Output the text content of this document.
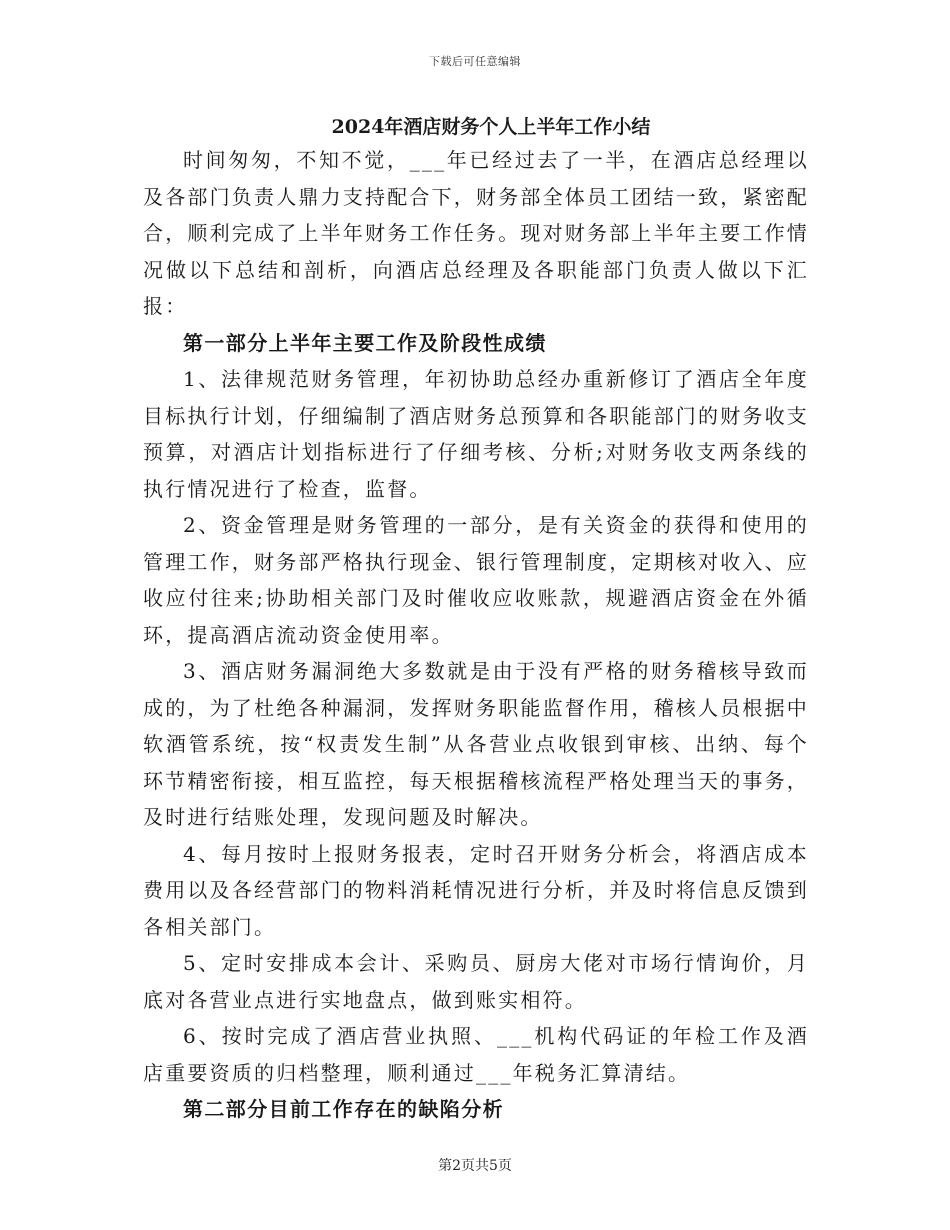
下载后可任意编辑
2024年酒店财务个人上半年工作小结

时间匆匆，不知不觉，___年已经过去了一半，在酒店总经理以及各部门负责人鼎力支持配合下，财务部全体员工团结一致，紧密配合，顺利完成了上半年财务工作任务。现对财务部上半年主要工作情况做以下总结和剖析，向酒店总经理及各职能部门负责人做以下汇报：

第一部分上半年主要工作及阶段性成绩

1、法律规范财务管理，年初协助总经办重新修订了酒店全年度目标执行计划，仔细编制了酒店财务总预算和各职能部门的财务收支预算，对酒店计划指标进行了仔细考核、分析;对财务收支两条线的执行情况进行了检查，监督。

2、资金管理是财务管理的一部分，是有关资金的获得和使用的管理工作，财务部严格执行现金、银行管理制度，定期核对收入、应收应付往来;协助相关部门及时催收应收账款，规避酒店资金在外循环，提高酒店流动资金使用率。

3、酒店财务漏洞绝大多数就是由于没有严格的财务稽核导致而成的，为了杜绝各种漏洞，发挥财务职能监督作用，稽核人员根据中软酒管系统，按“权责发生制”从各营业点收银到审核、出纳、每个环节精密衔接，相互监控，每天根据稽核流程严格处理当天的事务，及时进行结账处理，发现问题及时解决。

4、每月按时上报财务报表，定时召开财务分析会，将酒店成本费用以及各经营部门的物料消耗情况进行分析，并及时将信息反馈到各相关部门。

5、定时安排成本会计、采购员、厨房大佬对市场行情询价，月底对各营业点进行实地盘点，做到账实相符。

6、按时完成了酒店营业执照、___机构代码证的年检工作及酒店重要资质的归档整理，顺利通过___年税务汇算清结。

第二部分目前工作存在的缺陷分析

第2页共5页
